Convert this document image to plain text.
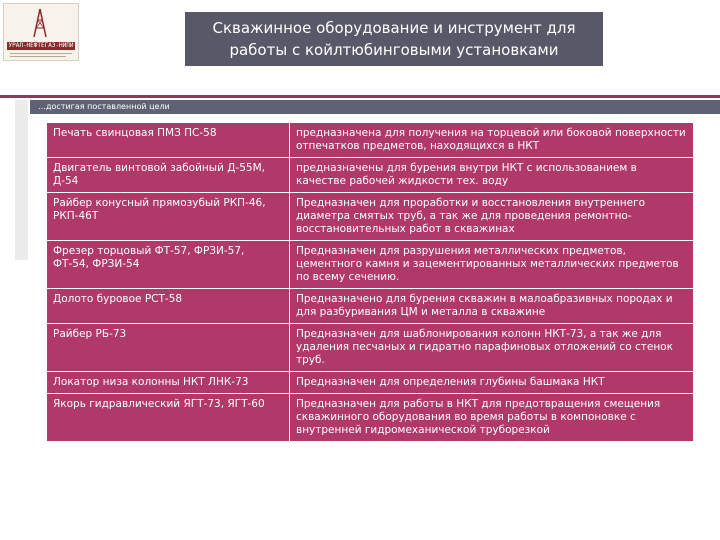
УРАЛ-НЕФТЕГАЗ-НИПИ
Скважинное оборудование и инструмент для
работы с койлтюбинговыми установками
…достигая поставленной цели
Печать свинцовая ПМЗ ПС-58	предназначена для получения на торцевой или боковой поверхности отпечатков предметов, находящихся в НКТ
Двигатель винтовой забойный Д-55М, Д-54	предназначены для бурения внутри НКТ с использованием в качестве рабочей жидкости тех. воду
Райбер конусный прямозубый РКП-46, РКП-46Т	Предназначен для проработки и восстановления внутреннего диаметра смятых труб, а так же для проведения ремонтно-восстановительных работ в скважинах
Фрезер торцовый ФТ-57, ФРЗИ-57, ФТ-54, ФРЗИ-54	Предназначен для разрушения металлических предметов, цементного камня и зацементированных металлических предметов по всему сечению.
Долото буровое РСТ-58	Предназначено для бурения скважин в малоабразивных породах и для разбуривания ЦМ и металла в скважине
Райбер РБ-73	Предназначен для шаблонирования колонн НКТ-73, а так же для удаления песчаных и гидратно парафиновых отложений со стенок труб.
Локатор низа колонны НКТ ЛНК-73	Предназначен для определения глубины башмака НКТ
Якорь гидравлический ЯГТ-73, ЯГТ-60	Предназначен для работы в НКТ для предотвращения смещения скважинного оборудования во время работы в компоновке с внутренней гидромеханической труборезкой
